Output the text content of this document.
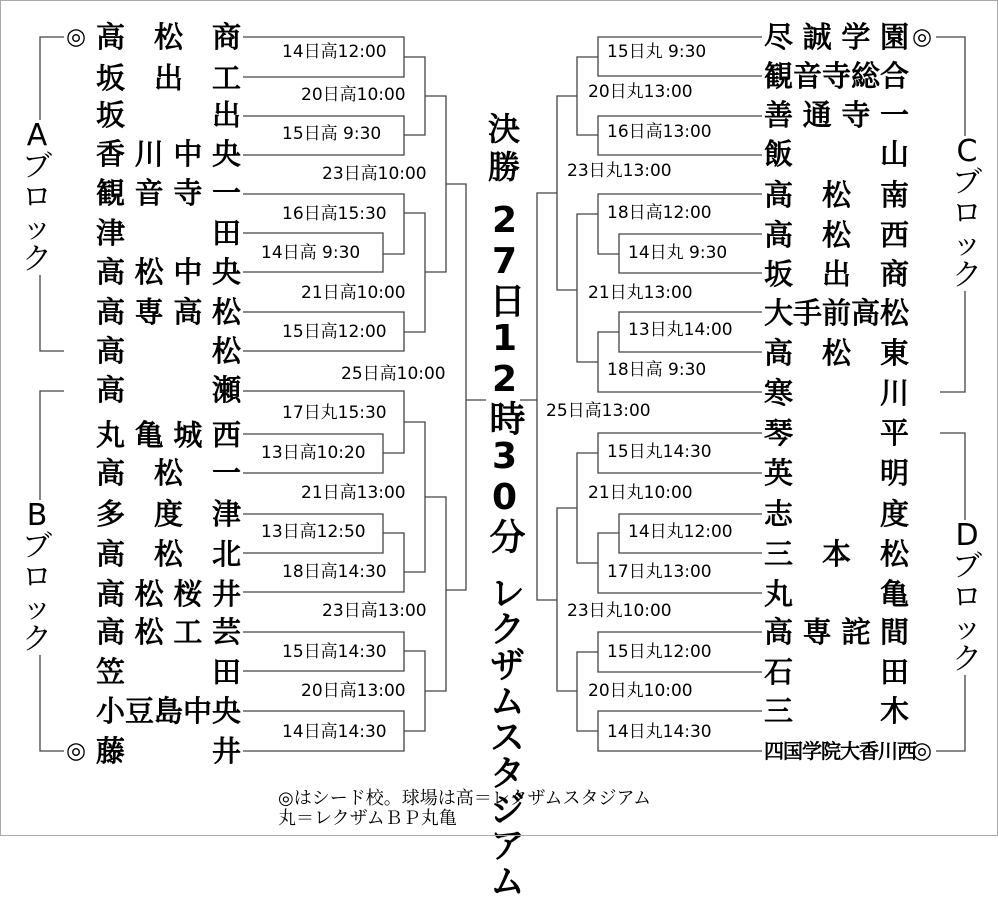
高松商
坂出工
坂出
香川中央
観音寺一
津田
高松中央
高専高松
高松
高瀬
丸亀城西
高松一
多度津
高松北
高松桜井
高松工芸
笠田
小豆島中央
藤井
尽誠学園
観音寺総合
善通寺一
飯山
高松南
高松西
坂出商
大手前高松
高松東
寒川
琴平
英明
志度
三本松
丸亀
高専詫間
石田
三木
四国学院大香川西
◎
◎
◎
◎
Aブロック
Bブロック
Cブロック
Dブロック
14日高12:00
20日高10:00
15日高 9:30
23日高10:00
16日高15:30
14日高 9:30
21日高10:00
15日高12:00
25日高10:00
17日丸15:30
13日高10:20
21日高13:00
13日高12:50
18日高14:30
23日高13:00
15日高14:30
20日高13:00
14日高14:30
15日丸 9:30
20日丸13:00
16日高13:00
23日丸13:00
18日高12:00
14日丸 9:30
21日丸13:00
13日丸14:00
18日高 9:30
25日高13:00
15日丸14:30
21日丸10:00
14日丸12:00
17日丸13:00
23日丸10:00
15日丸12:00
20日丸10:00
14日丸14:30
決勝
27日
12時30分
レクザムスタジアム
◎はシード校。球場は高＝レクザムスタジアム
丸＝レクザムＢＰ丸亀
